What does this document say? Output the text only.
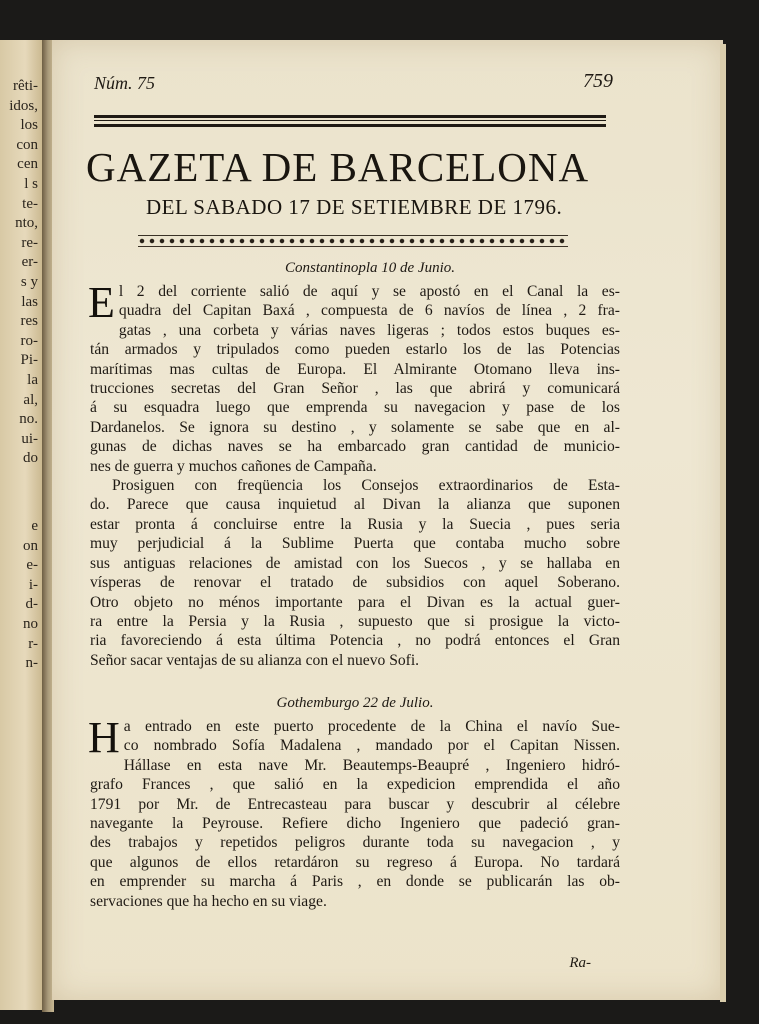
rêti-
idos,
los
con
cen
l s
te-
nto,
re-
er-
s y
las
res
ro-
Pi-
la
al,
no.
ui-
do
e
on
e-
i-
d-
no
r-
n-
Núm. 75	759
GAZETA DE BARCELONA
DEL SABADO 17 DE SETIEMBRE DE 1796.
Constantinopla 10 de Junio.
E l 2 del corriente salió de aquí y se apostó en el Canal la es-
quadra del Capitan Baxá , compuesta de 6 navíos de línea , 2 fra-
gatas , una corbeta y várias naves ligeras ; todos estos buques es-
tán armados y tripulados como pueden estarlo los de las Potencias
marítimas mas cultas de Europa. El Almirante Otomano lleva ins-
trucciones secretas del Gran Señor , las que abrirá y comunicará
á su esquadra luego que emprenda su navegacion y pase de los
Dardanelos. Se ignora su destino , y solamente se sabe que en al-
gunas de dichas naves se ha embarcado gran cantidad de municio-
nes de guerra y muchos cañones de Campaña.
Prosiguen con freqüencia los Consejos extraordinarios de Esta-
do. Parece que causa inquietud al Divan la alianza que suponen
estar pronta á concluirse entre la Rusia y la Suecia , pues seria
muy perjudicial á la Sublime Puerta que contaba mucho sobre
sus antiguas relaciones de amistad con los Suecos , y se hallaba en
vísperas de renovar el tratado de subsidios con aquel Soberano.
Otro objeto no ménos importante para el Divan es la actual guer-
ra entre la Persia y la Rusia , supuesto que si prosigue la victo-
ria favoreciendo á esta última Potencia , no podrá entonces el Gran
Señor sacar ventajas de su alianza con el nuevo Sofi.
Gothemburgo 22 de Julio.
H a entrado en este puerto procedente de la China el navío Sue-
co nombrado Sofía Madalena , mandado por el Capitan Nissen.
Hállase en esta nave Mr. Beautemps-Beaupré , Ingeniero hidró-
grafo Frances , que salió en la expedicion emprendida el año
1791 por Mr. de Entrecasteau para buscar y descubrir al célebre
navegante la Peyrouse. Refiere dicho Ingeniero que padeció gran-
des trabajos y repetidos peligros durante toda su navegacion , y
que algunos de ellos retardáron su regreso á Europa. No tardará
en emprender su marcha á Paris , en donde se publicarán las ob-
servaciones que ha hecho en su viage.
Ra-
